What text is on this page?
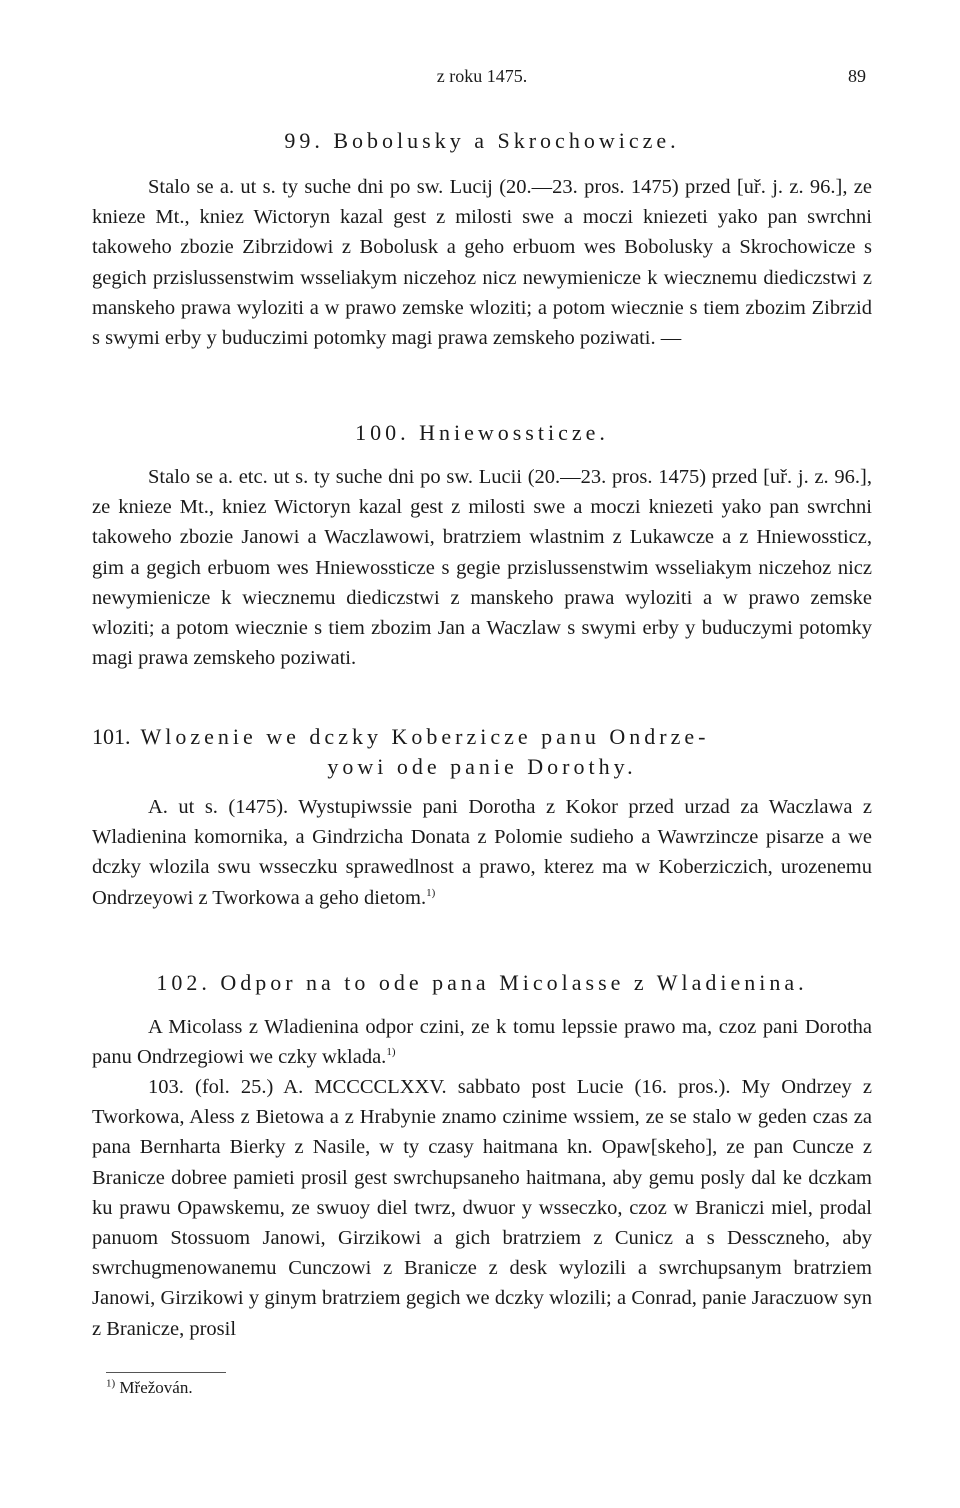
z roku 1475.	89
99. Bobolusky a Skrochowicze.
Stalo se a. ut s. ty suche dni po sw. Lucij (20.—23. pros. 1475) przed [uř. j. z. 96.], ze knieze Mt., kniez Wictoryn kazal gest z milosti swe a moczi kniezeti yako pan swrchni takoweho zbozie Zibrzidowi z Bobolusk a geho erbuom wes Bobolusky a Skrochowicze s gegich przislussenstwim wsseliakym niczehoz nicz newymienicze k wiecznemu diediczstwi z manskeho prawa wyloziti a w prawo zemske wloziti; a potom wiecznie s tiem zbozim Zibrzid s swymi erby y buduczimi potomky magi prawa zemskeho poziwati. —
100. Hniewossticze.
Stalo se a. etc. ut s. ty suche dni po sw. Lucii (20.—23. pros. 1475) przed [uř. j. z. 96.], ze knieze Mt., kniez Wictoryn kazal gest z milosti swe a moczi kniezeti yako pan swrchni takoweho zbozie Janowi a Waczlawowi, bratrziem wlastnim z Lukawcze a z Hniewossticz, gim a gegich erbuom wes Hniewossticze s gegie przislussenstwim wsseliakym niczehoz nicz newymienicze k wiecznemu diediczstwi z manskeho prawa wyloziti a w prawo zemske wloziti; a potom wiecznie s tiem zbozim Jan a Waczlaw s swymi erby y buduczymi potomky magi prawa zemskeho poziwati.
101. Wlozenie we dczky Koberzicze panu Ondrze-
yowi ode panie Dorothy.
A. ut s. (1475). Wystupiwssie pani Dorotha z Kokor przed urzad za Waczlawa z Wladienina komornika, a Gindrzicha Donata z Polomie sudieho a Wawrzincze pisarze a we dczky wlozila swu wsseczku sprawedlnost a prawo, kterez ma w Koberziczich, urozenemu Ondrzeyowi z Tworkowa a geho dietom.$^{1)}$
102. Odpor na to ode pana Micolasse z Wladienina.
A Micolass z Wladienina odpor czini, ze k tomu lepssie prawo ma, czoz pani Dorotha panu Ondrzegiowi we czky wklada.$^{1)}$
103. (fol. 25.) A. MCCCCLXXV. sabbato post Lucie (16. pros.). My Ondrzey z Tworkowa, Aless z Bietowa a z Hrabynie znamo czinime wssiem, ze se stalo w geden czas za pana Bernharta Bierky z Nasile, w ty czasy haitmana kn. Opaw[skeho], ze pan Cuncze z Branicze dobree pamieti prosil gest swrchupsaneho haitmana, aby gemu posly dal ke dczkam ku prawu Opawskemu, ze swuoy diel twrz, dwuor y wsseczko, czoz w Braniczi miel, prodal panuom Stossuom Janowi, Girzikowi a gich bratrziem z Cunicz a s Dessczneho, aby swrchugmenowanemu Cunczowi z Branicze z desk wylozili a swrchupsanym bratrziem Janowi, Girzikowi y ginym bratrziem gegich we dczky wlozili; a Conrad, panie Jaraczuow syn z Branicze, prosil
$^{1)}$ Mřežován.
